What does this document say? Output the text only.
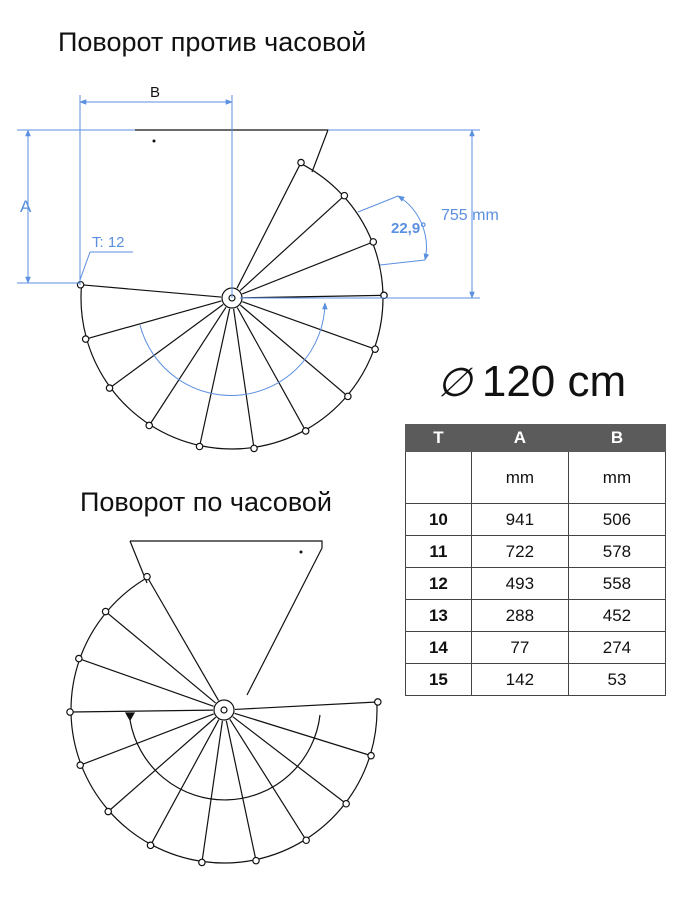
Поворот против часовой
Поворот по часовой
B
A	755 mm
22,9°
T: 12
∅ 120 cm
T	A	B
	mm	mm
10	941	506
11	722	578
12	493	558
13	288	452
14	77	274
15	142	53
